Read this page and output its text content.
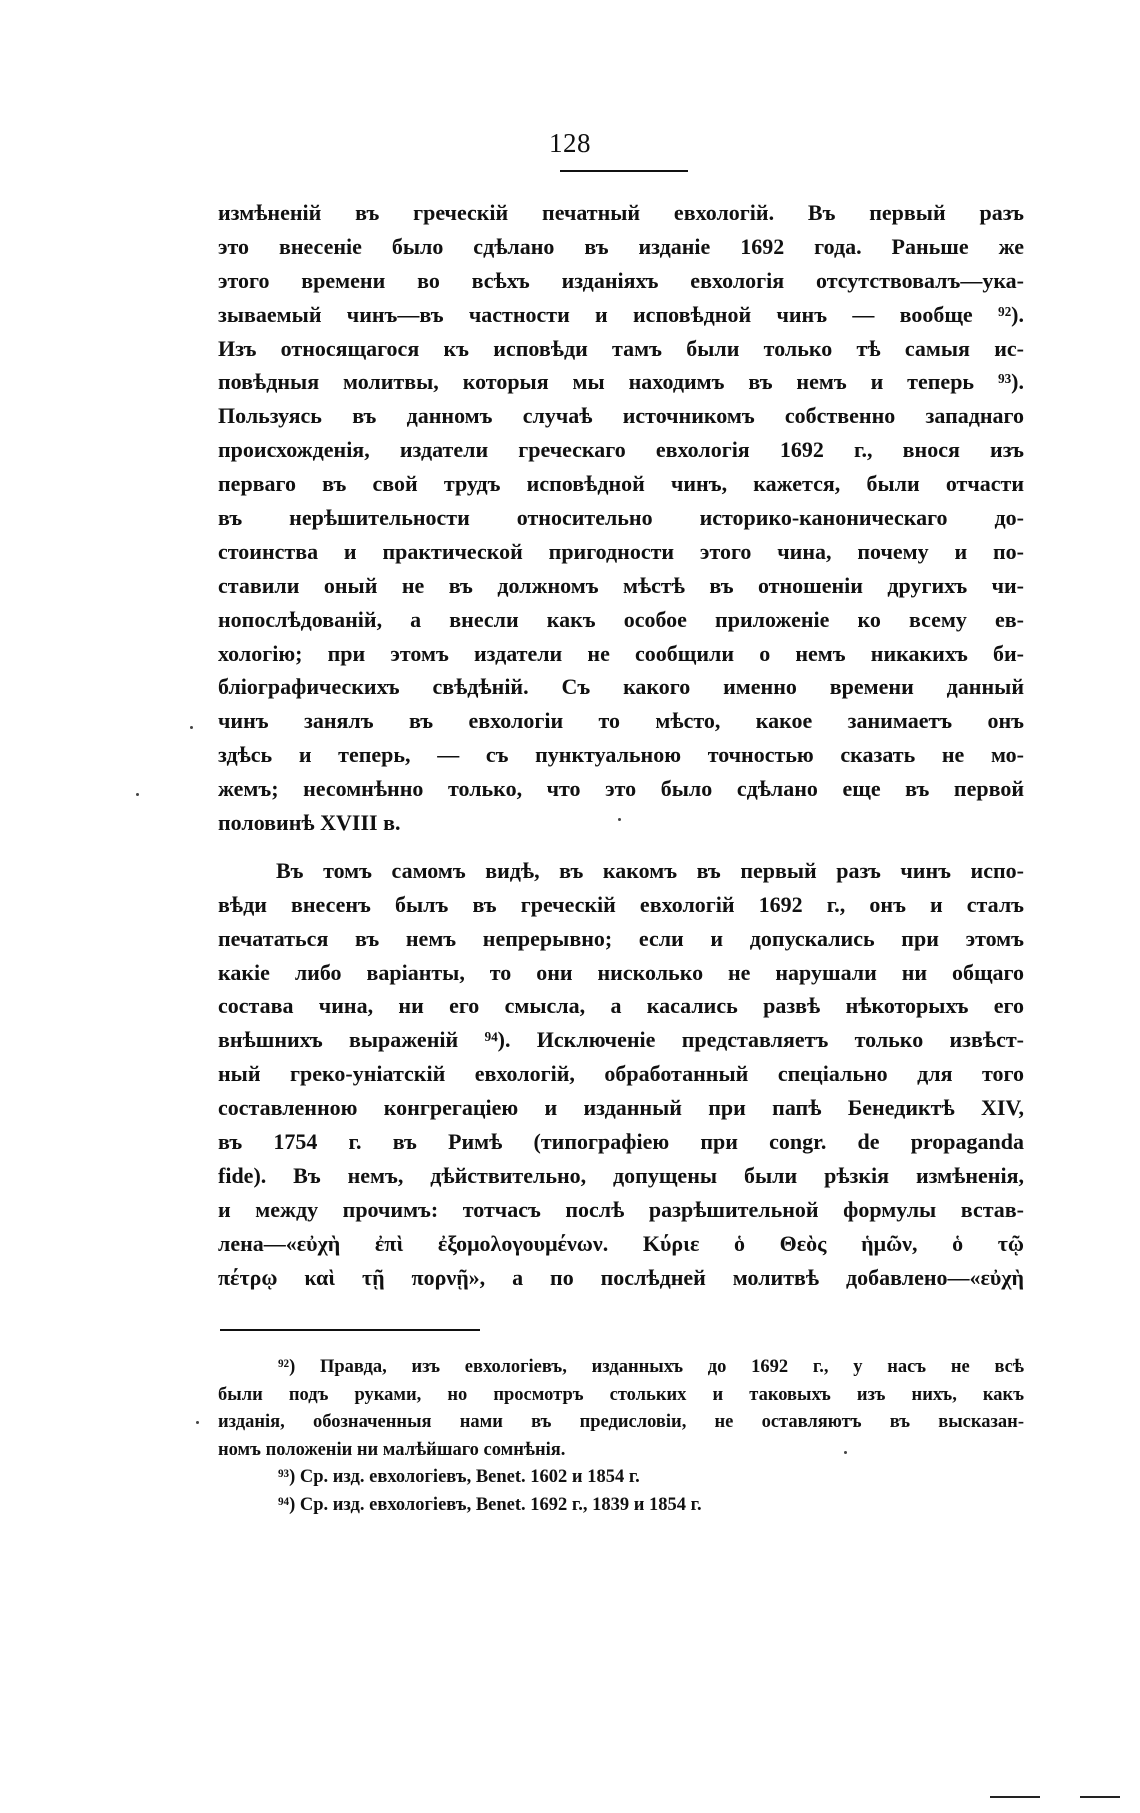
128
измѣненій въ греческій печатный евхологій. Въ первый разъ
это внесеніе было сдѣлано въ изданіе 1692 года. Раньше же
этого времени во всѣхъ изданіяхъ евхологія отсутствовалъ—ука-
зываемый чинъ—въ частности и исповѣдной чинъ — вообще ⁹²).
Изъ относящагося къ исповѣди тамъ были только тѣ самыя ис-
повѣдныя молитвы, которыя мы находимъ въ немъ и теперь ⁹³).
Пользуясь въ данномъ случаѣ источникомъ собственно западнаго
происхожденія, издатели греческаго евхологія 1692 г., внося изъ
перваго въ свой трудъ исповѣдной чинъ, кажется, были отчасти
въ нерѣшительности относительно историко-каноническаго до-
стоинства и практической пригодности этого чина, почему и по-
ставили оный не въ должномъ мѣстѣ въ отношеніи другихъ чи-
нопослѣдованій, а внесли какъ особое приложеніе ко всему ев-
хологію; при этомъ издатели не сообщили о немъ никакихъ би-
бліографическихъ свѣдѣній. Съ какого именно времени данный
чинъ занялъ въ евхологіи то мѣсто, какое занимаетъ онъ
здѣсь и теперь, — съ пунктуальною точностью сказать не мо-
жемъ; несомнѣнно только, что это было сдѣлано еще въ первой
половинѣ XVIII в.
Въ томъ самомъ видѣ, въ какомъ въ первый разъ чинъ испо-
вѣди внесенъ былъ въ греческій евхологій 1692 г., онъ и сталъ
печататься въ немъ непрерывно; если и допускались при этомъ
какіе либо варіанты, то они нисколько не нарушали ни общаго
состава чина, ни его смысла, а касались развѣ нѣкоторыхъ его
внѣшнихъ выраженій ⁹⁴). Исключеніе представляетъ только извѣст-
ный греко-уніатскій евхологій, обработанный спеціально для того
составленною конгрегаціею и изданный при папѣ Бенедиктѣ XIV,
въ 1754 г. въ Римѣ (типографіею при congr. de propaganda
fide). Въ немъ, дѣйствительно, допущены были рѣзкія измѣненія,
и между прочимъ: тотчасъ послѣ разрѣшительной формулы встав-
лена—«εὐχὴ ἐπὶ ἐξομολογουμένων. Κύριε ὁ Θεὸς ἡμῶν, ὁ τῷ
πέτρῳ καὶ τῇ πορνῇ», а по послѣдней молитвѣ добавлено—«εὐχὴ
⁹²) Правда, изъ евхологіевъ, изданныхъ до 1692 г., у насъ не всѣ
были подъ руками, но просмотръ стольких и таковыхъ изъ нихъ, какъ
изданія, обозначенныя нами въ предисловіи, не оставляютъ въ высказан-
номъ положеніи ни малѣйшаго сомнѣнія.
⁹³) Ср. изд. евхологіевъ, Benet. 1602 и 1854 г.
⁹⁴) Ср. изд. евхологіевъ, Benet. 1692 г., 1839 и 1854 г.
